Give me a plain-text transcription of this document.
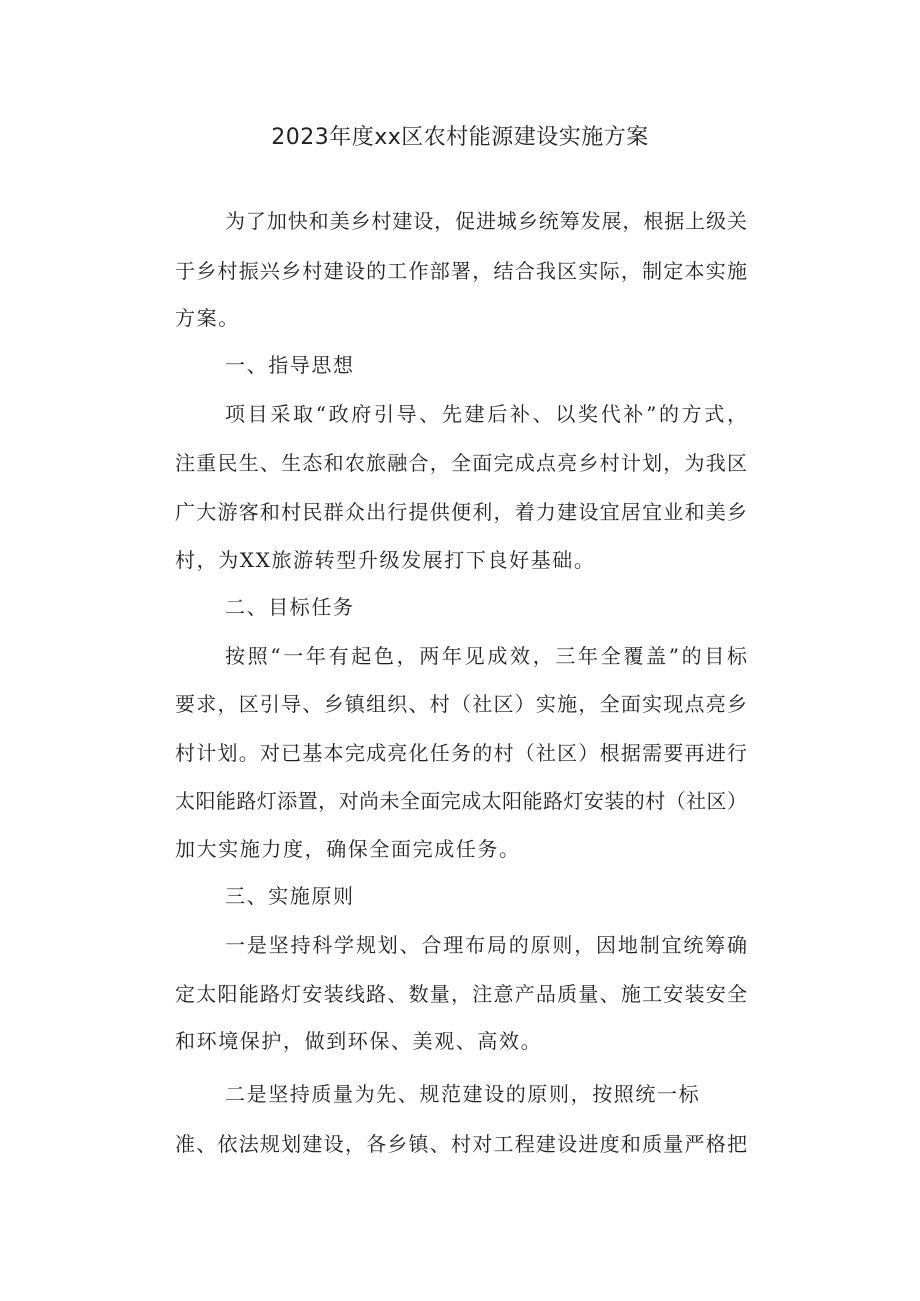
2023年度xx区农村能源建设实施方案
为了加快和美乡村建设，促进城乡统筹发展，根据上级关
于乡村振兴乡村建设的工作部署，结合我区实际，制定本实施
方案。
一、指导思想
项目采取“政府引导、先建后补、以奖代补”的方式，
注重民生、生态和农旅融合，全面完成点亮乡村计划，为我区
广大游客和村民群众出行提供便利，着力建设宜居宜业和美乡
村，为XX旅游转型升级发展打下良好基础。
二、目标任务
按照“一年有起色，两年见成效，三年全覆盖”的目标
要求，区引导、乡镇组织、村（社区）实施，全面实现点亮乡
村计划。对已基本完成亮化任务的村（社区）根据需要再进行
太阳能路灯添置，对尚未全面完成太阳能路灯安装的村（社区）
加大实施力度，确保全面完成任务。
三、实施原则
一是坚持科学规划、合理布局的原则，因地制宜统筹确
定太阳能路灯安装线路、数量，注意产品质量、施工安装安全
和环境保护，做到环保、美观、高效。
二是坚持质量为先、规范建设的原则，按照统一标
准、依法规划建设，各乡镇、村对工程建设进度和质量严格把
